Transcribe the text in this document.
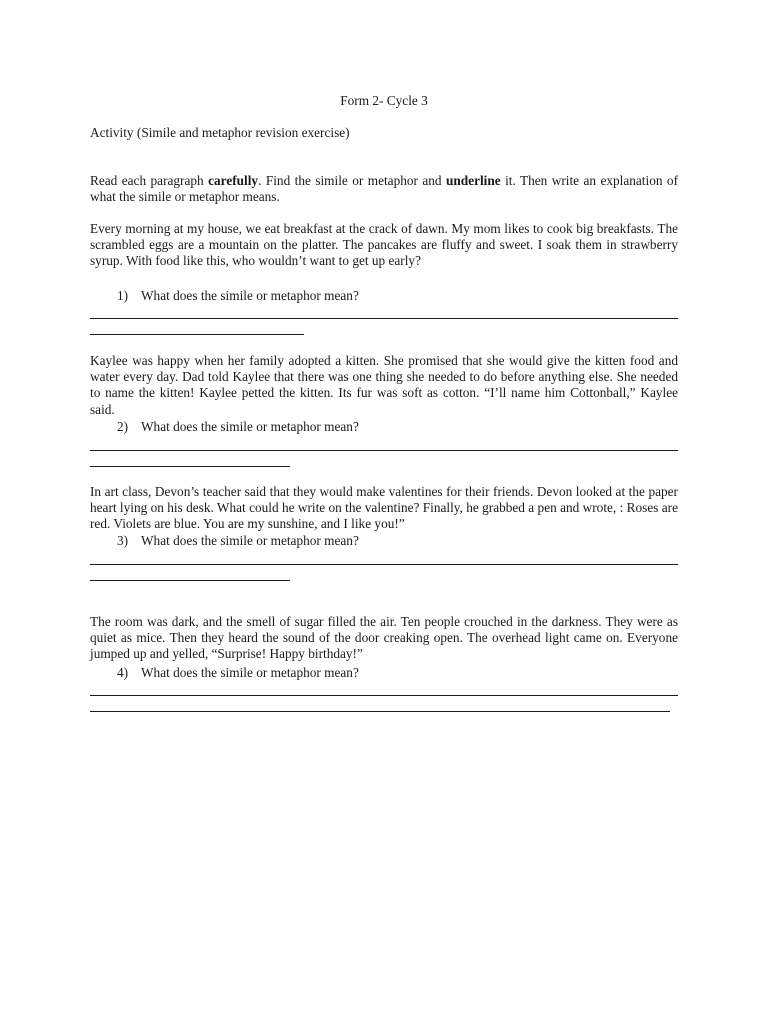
Form 2- Cycle 3
Activity (Simile and metaphor revision exercise)
Read each paragraph carefully. Find the simile or metaphor and underline it. Then write an explanation of what the simile or metaphor means.
Every morning at my house, we eat breakfast at the crack of dawn. My mom likes to cook big breakfasts. The scrambled eggs are a mountain on the platter. The pancakes are fluffy and sweet. I soak them in strawberry syrup. With food like this, who wouldn’t want to get up early?
1) What does the simile or metaphor mean?
Kaylee was happy when her family adopted a kitten. She promised that she would give the kitten food and water every day. Dad told Kaylee that there was one thing she needed to do before anything else. She needed to name the kitten! Kaylee petted the kitten. Its fur was soft as cotton. “I’ll name him Cottonball,” Kaylee said.
2) What does the simile or metaphor mean?
In art class, Devon’s teacher said that they would make valentines for their friends. Devon looked at the paper heart lying on his desk. What could he write on the valentine? Finally, he grabbed a pen and wrote, : Roses are red. Violets are blue. You are my sunshine, and I like you!”
3) What does the simile or metaphor mean?
The room was dark, and the smell of sugar filled the air. Ten people crouched in the darkness. They were as quiet as mice. Then they heard the sound of the door creaking open. The overhead light came on. Everyone jumped up and yelled, “Surprise! Happy birthday!”
4) What does the simile or metaphor mean?
